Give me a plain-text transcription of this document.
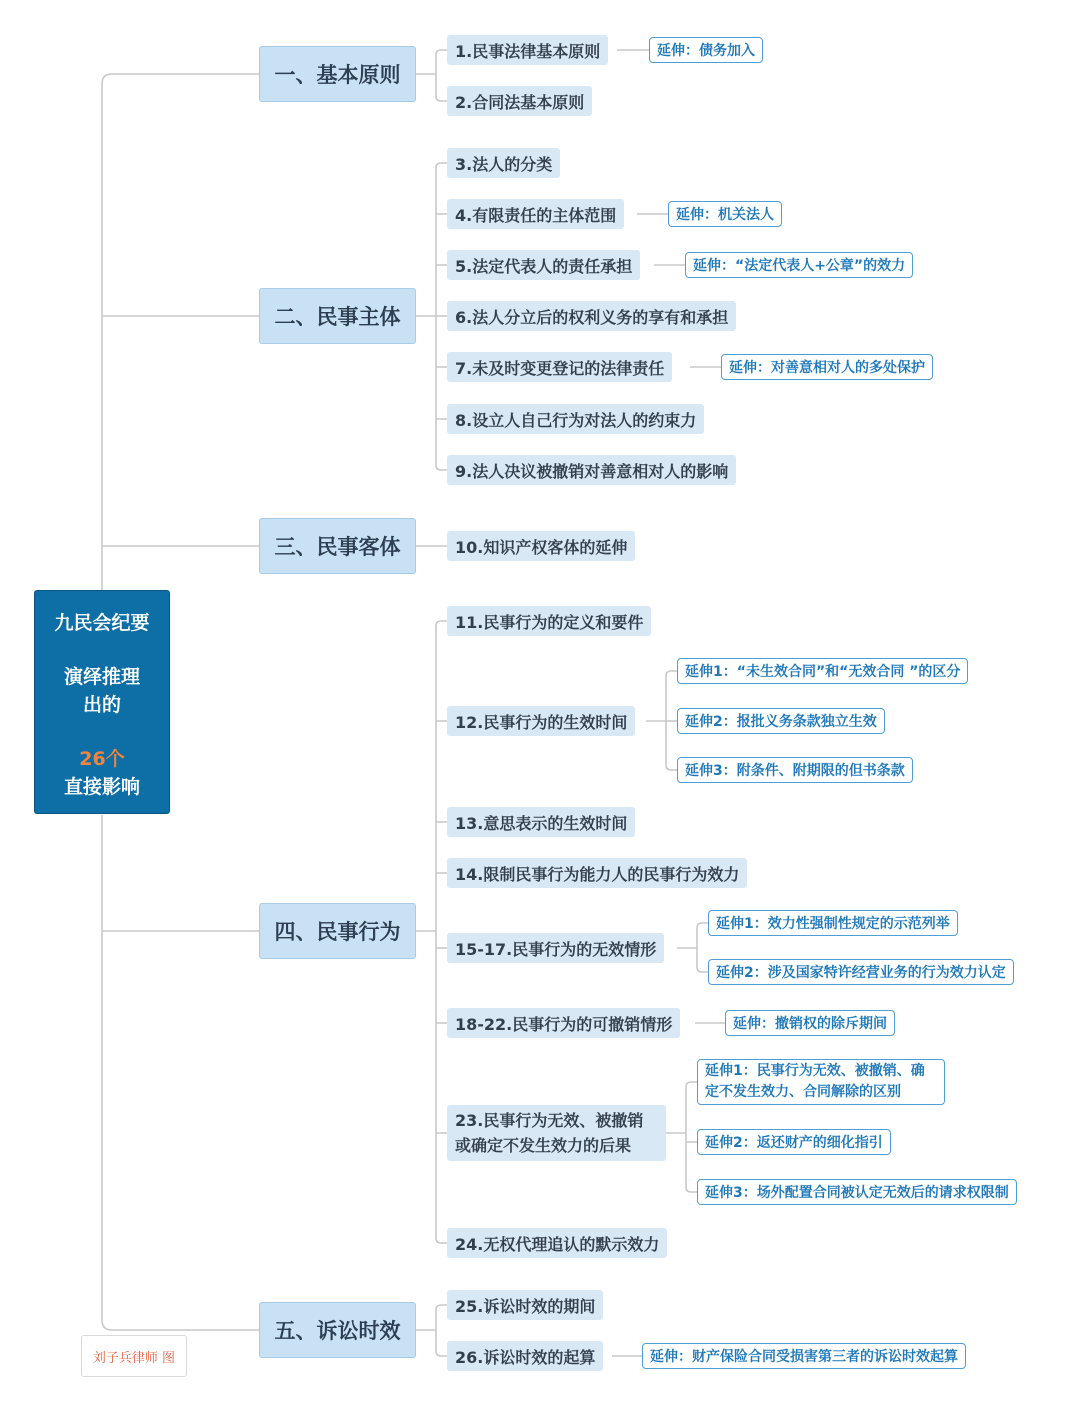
九民会纪要
演绎推理
出的
26个
直接影响
一、基本原则
二、民事主体
三、民事客体
四、民事行为
五、诉讼时效
1.民事法律基本原则
2.合同法基本原则
3.法人的分类
4.有限责任的主体范围
5.法定代表人的责任承担
6.法人分立后的权利义务的享有和承担
7.未及时变更登记的法律责任
8.设立人自己行为对法人的约束力
9.法人决议被撤销对善意相对人的影响
10.知识产权客体的延伸
11.民事行为的定义和要件
12.民事行为的生效时间
13.意思表示的生效时间
14.限制民事行为能力人的民事行为效力
15-17.民事行为的无效情形
18-22.民事行为的可撤销情形
23.民事行为无效、被撤销或确定不发生效力的后果
24.无权代理追认的默示效力
25.诉讼时效的期间
26.诉讼时效的起算
延伸：债务加入
延伸：机关法人
延伸：“法定代表人+公章”的效力
延伸：对善意相对人的多处保护
延伸1：“未生效合同”和“无效合同 ”的区分
延伸2：报批义务条款独立生效
延伸3：附条件、附期限的但书条款
延伸1：效力性强制性规定的示范列举
延伸2：涉及国家特许经营业务的行为效力认定
延伸：撤销权的除斥期间
延伸1：民事行为无效、被撤销、确定不发生效力、合同解除的区别
延伸2：返还财产的细化指引
延伸3：场外配置合同被认定无效后的请求权限制
延伸：财产保险合同受损害第三者的诉讼时效起算
刘子兵律师 图
